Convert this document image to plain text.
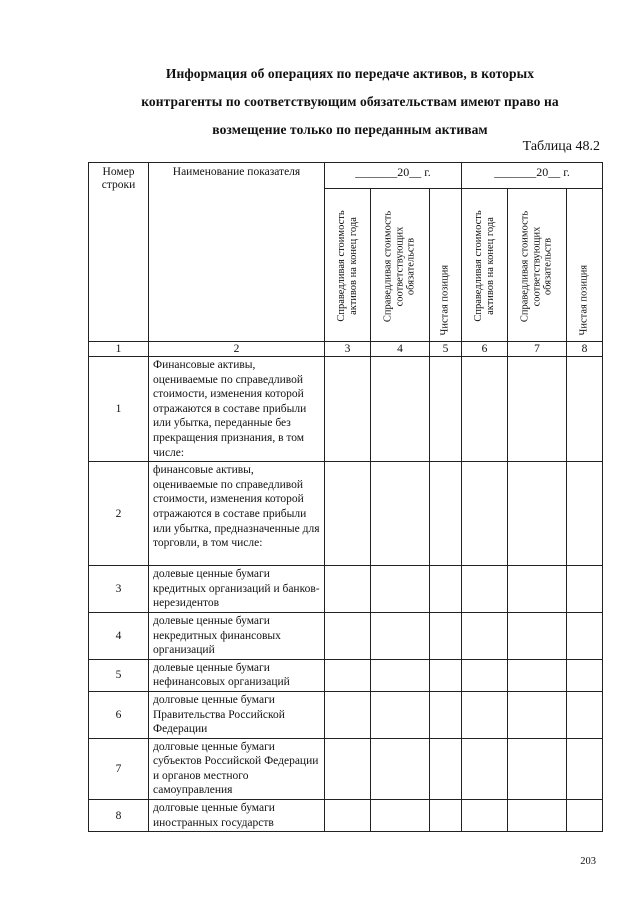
Информация об операциях по передаче активов, в которых
контрагенты по соответствующим обязательствам имеют право на
возмещение только по переданным активам
Таблица 48.2
Номер строки	Наименование показателя	_______20__ г.			_______20__ г.		

		Справедливая стоимость активов на конец года	Справедливая стоимость соответствующих обязательств	Чистая позиция	Справедливая стоимость активов на конец года	Справедливая стоимость соответствующих обязательств	Чистая позиция

1	2	3	4	5	6	7	8
1	Финансовые активы, оцениваемые по справедливой стоимости, изменения которой отражаются в составе прибыли или убытка, переданные без прекращения признания, в том числе:						
2	финансовые активы, оцениваемые по справедливой стоимости, изменения которой отражаются в составе прибыли или убытка, предназначенные для торговли, в том числе:						
3	долевые ценные бумаги кредитных организаций и банков-нерезидентов						
4	долевые ценные бумаги некредитных финансовых организаций						
5	долевые ценные бумаги нефинансовых организаций						
6	долговые ценные бумаги Правительства Российской Федерации						
7	долговые ценные бумаги субъектов Российской Федерации и органов местного самоуправления						
8	долговые ценные бумаги иностранных государств						
203
